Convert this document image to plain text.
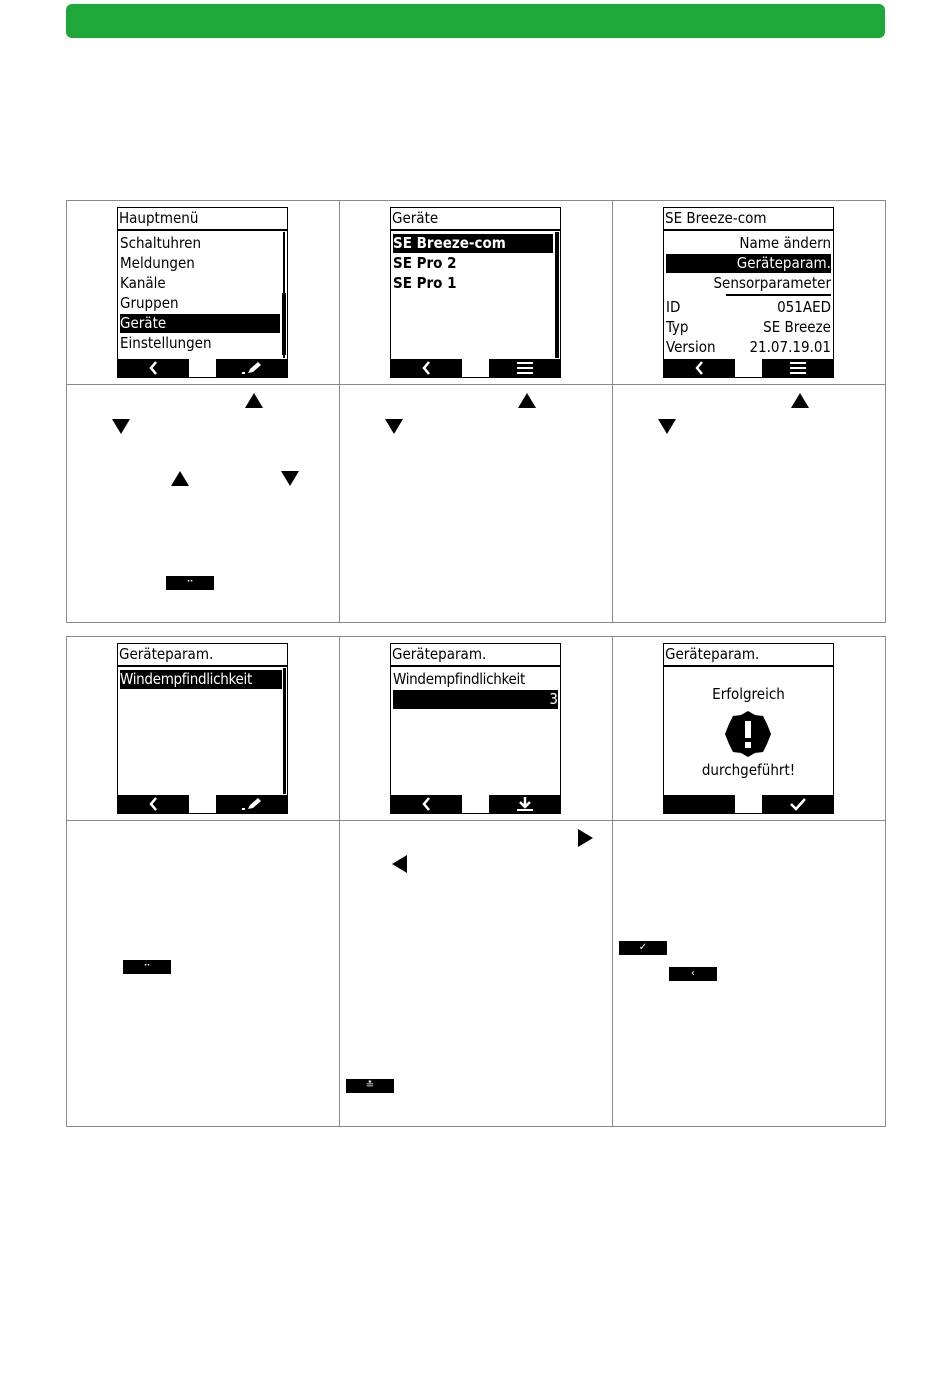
Hauptmenü
Schaltuhren
Meldungen
Kanäle
Gruppen
Geräte
Einstellungen
Geräte
SE Breeze-com
SE Pro 2
SE Pro 1
SE Breeze-com
Name ändern
Geräteparam.
Sensorparameter
ID	051AED
Typ	SE Breeze
Version	21.07.19.01
⠒
Geräteparam.
Windempfindlichkeit
Geräteparam.
Windempfindlichkeit
3
Geräteparam.
Erfolgreich
durchgeführt!
⠒
≛
✓
‹
